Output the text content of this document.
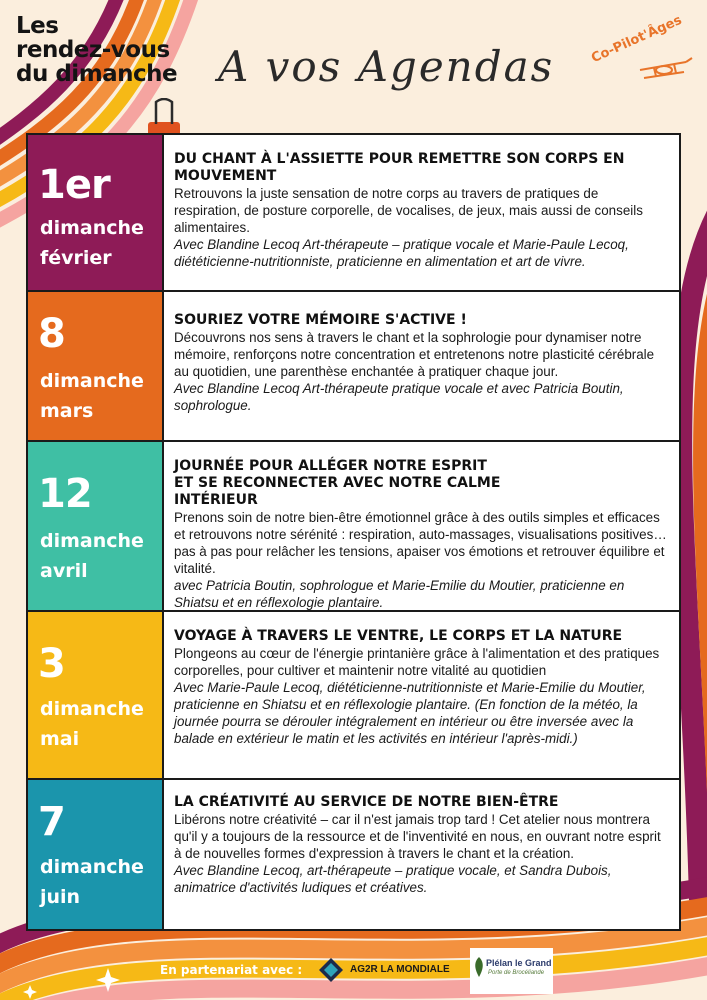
Les
rendez-vous
du dimanche A vos Agendas
Co-Pilot'Âges
1er
dimanche
février
DU CHANT À L'ASSIETTE POUR REMETTRE SON CORPS EN MOUVEMENT

Retrouvons la juste sensation de notre corps au travers de pratiques de respiration, de posture corporelle, de vocalises, de jeux, mais aussi de conseils alimentaires.

Avec Blandine Lecoq Art-thérapeute – pratique vocale et Marie-Paule Lecoq, diététicienne-nutritionniste, praticienne en alimentation et art de vivre.

8
dimanche
mars
SOURIEZ VOTRE MÉMOIRE S'ACTIVE !

Découvrons nos sens à travers le chant et la sophrologie pour dynamiser notre mémoire, renforçons notre concentration et entretenons notre plasticité cérébrale au quotidien, une parenthèse enchantée à pratiquer chaque jour.

Avec Blandine Lecoq Art-thérapeute pratique vocale et avec Patricia Boutin, sophrologue.

12
dimanche
avril
JOURNÉE POUR ALLÉGER NOTRE ESPRIT ET SE RECONNECTER AVEC NOTRE CALME INTÉRIEUR

Prenons soin de notre bien-être émotionnel grâce à des outils simples et efficaces et retrouvons notre sérénité : respiration, auto-massages, visualisations positives… pas à pas pour relâcher les tensions, apaiser vos émotions et retrouver équilibre et vitalité.

avec Patricia Boutin, sophrologue et Marie-Emilie du Moutier, praticienne en Shiatsu et en réflexologie plantaire.

3
dimanche
mai
VOYAGE À TRAVERS LE VENTRE, LE CORPS ET LA NATURE

Plongeons au cœur de l'énergie printanière grâce à l'alimentation et des pratiques corporelles, pour cultiver et maintenir notre vitalité au quotidien

Avec Marie-Paule Lecoq, diététicienne-nutritionniste et Marie-Emilie du Moutier, praticienne en Shiatsu et en réflexologie plantaire. (En fonction de la météo, la journée pourra se dérouler intégralement en intérieur ou être inversée avec la balade en extérieur le matin et les activités en intérieur l'après-midi.)

7
dimanche
juin
LA CRÉATIVITÉ AU SERVICE DE NOTRE BIEN-ÊTRE

Libérons notre créativité – car il n'est jamais trop tard ! Cet atelier nous montrera qu'il y a toujours de la ressource et de l'inventivité en nous, en ouvrant notre esprit à de nouvelles formes d'expression à travers le chant et la création.

Avec Blandine Lecoq, art-thérapeute – pratique vocale, et Sandra Dubois, animatrice d'activités ludiques et créatives.

En partenariat avec :	AG2R LA MONDIALE
Plélan le Grand
Porte de Brocéliande
